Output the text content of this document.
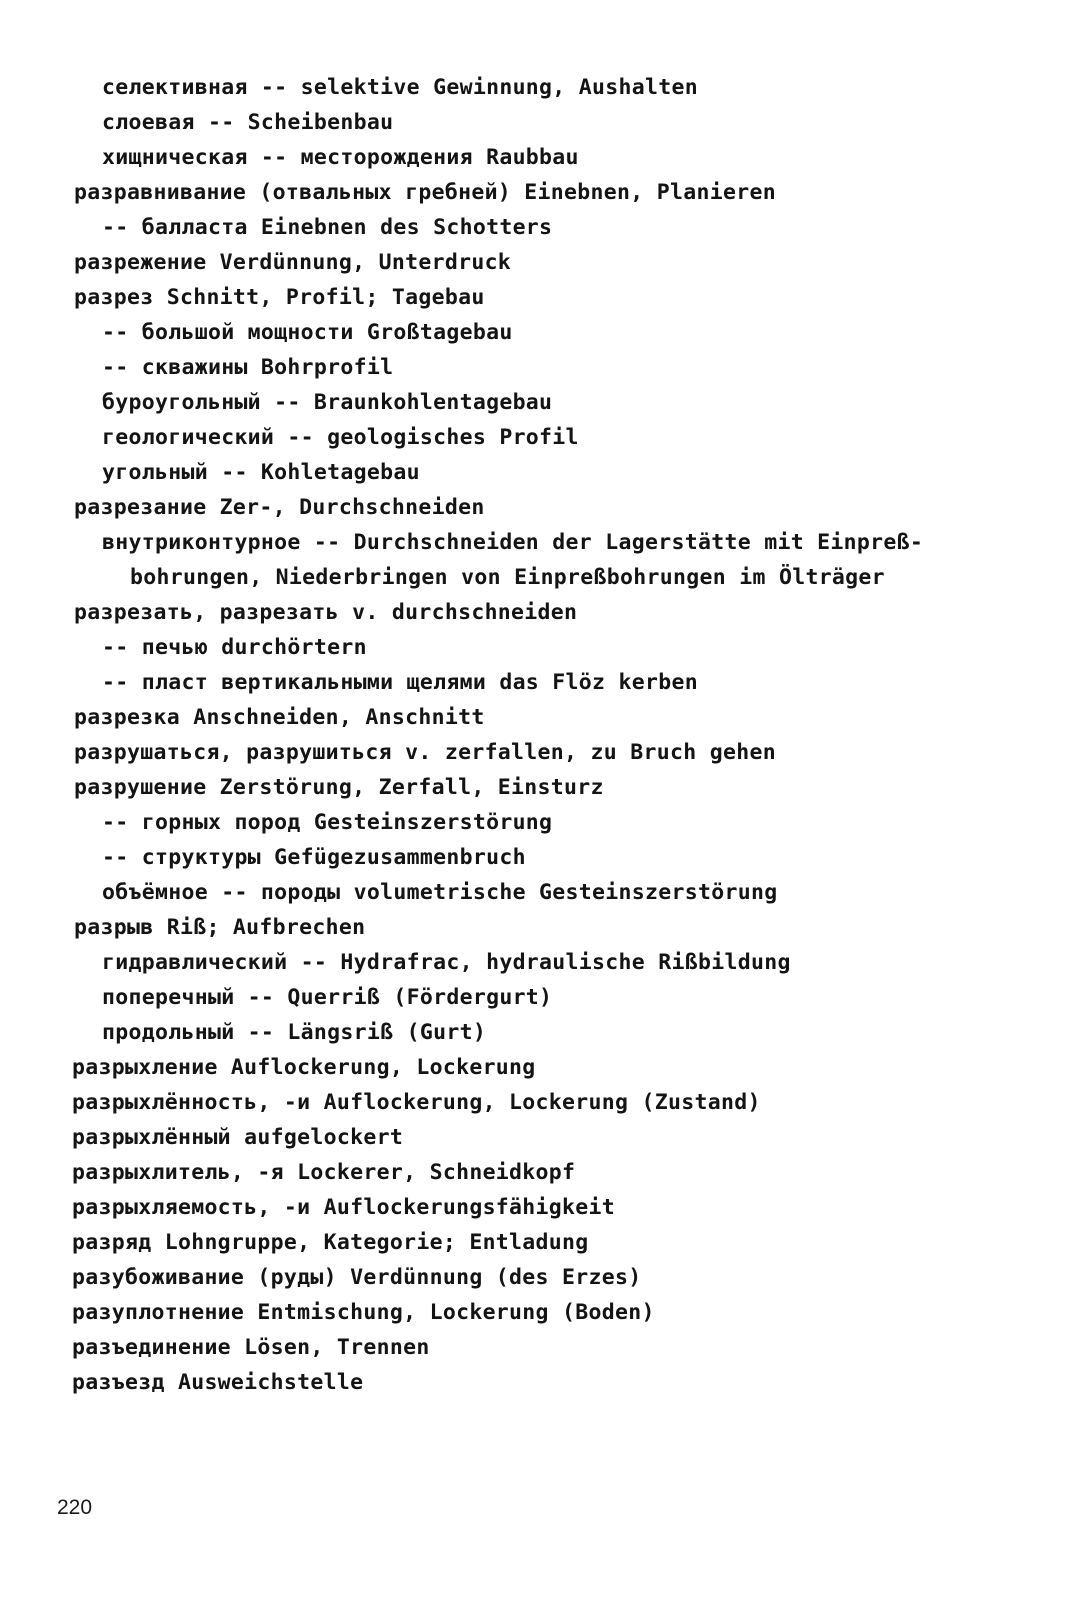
селективная -- selektive Gewinnung, Aushalten
слоевая -- Scheibenbau
хищническая -- месторождения Raubbau
разравнивание (отвальных гребней) Einebnen, Planieren
-- балласта Einebnen des Schotters
разрежение Verdünnung, Unterdruck
разрез Schnitt, Profil; Tagebau
-- большой мощности Großtagebau
-- скважины Bohrprofil
буроугольный -- Braunkohlentagebau
геологический -- geologisches Profil
угольный -- Kohletagebau
разрезание Zer-, Durchschneiden
внутриконтурное -- Durchschneiden der Lagerstätte mit Einpreß-
bohrungen, Niederbringen von Einpreßbohrungen im Ölträger
разрезать, разрезать v. durchschneiden
-- печью durchörtern
-- пласт вертикальными щелями das Flöz kerben
разрезка Anschneiden, Anschnitt
разрушаться, разрушиться v. zerfallen, zu Bruch gehen
разрушение Zerstörung, Zerfall, Einsturz
-- горных пород Gesteinszerstörung
-- структуры Gefügezusammenbruch
объёмное -- породы volumetrische Gesteinszerstörung
разрыв Riß; Aufbrechen
гидравлический -- Hydrafrac, hydraulische Rißbildung
поперечный -- Querriß (Fördergurt)
продольный -- Längsriß (Gurt)
разрыхление Auflockerung, Lockerung
разрыхлённость, -и Auflockerung, Lockerung (Zustand)
разрыхлённый aufgelockert
разрыхлитель, -я Lockerer, Schneidkopf
разрыхляемость, -и Auflockerungsfähigkeit
разряд Lohngruppe, Kategorie; Entladung
разубоживание (руды) Verdünnung (des Erzes)
разуплотнение Entmischung, Lockerung (Boden)
разъединение Lösen, Trennen
разъезд Ausweichstelle
220
